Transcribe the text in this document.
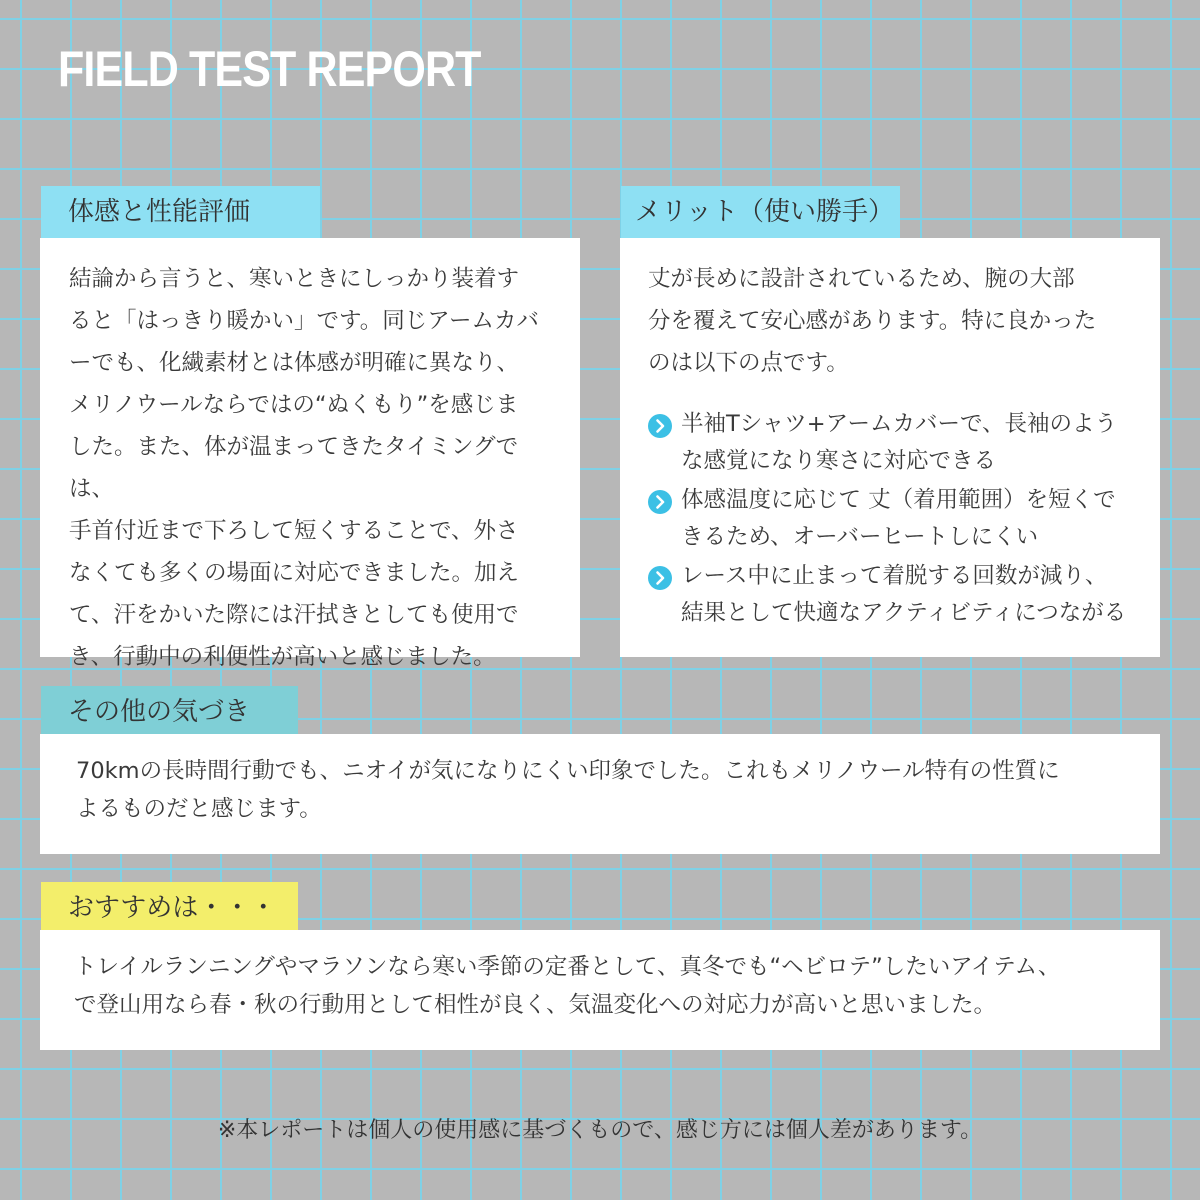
FIELD TEST REPORT
体感と性能評価

結論から言うと、寒いときにしっかり装着す
ると「はっきり暖かい」です。同じアームカバ
ーでも、化繊素材とは体感が明確に異なり、
メリノウールならではの“ぬくもり”を感じま
した。また、体が温まってきたタイミングでは、
手首付近まで下ろして短くすることで、外さ
なくても多くの場面に対応できました。加え
て、汗をかいた際には汗拭きとしても使用で
き、行動中の利便性が高いと感じました。

メリット（使い勝手）

丈が長めに設計されているため、腕の大部
分を覆えて安心感があります。特に良かった
のは以下の点です。

半袖Tシャツ+アームカバーで、長袖のよう
な感覚になり寒さに対応できる
体感温度に応じて 丈（着用範囲）を短くで
きるため、オーバーヒートしにくい
レース中に止まって着脱する回数が減り、
結果として快適なアクティビティにつながる
その他の気づき

70kmの長時間行動でも、ニオイが気になりにくい印象でした。これもメリノウール特有の性質に
よるものだと感じます。

おすすめは・・・

トレイルランニングやマラソンなら寒い季節の定番として、真冬でも“ヘビロテ”したいアイテム、
で登山用なら春・秋の行動用として相性が良く、気温変化への対応力が高いと思いました。

※本レポートは個人の使用感に基づくもので、感じ方には個人差があります。
